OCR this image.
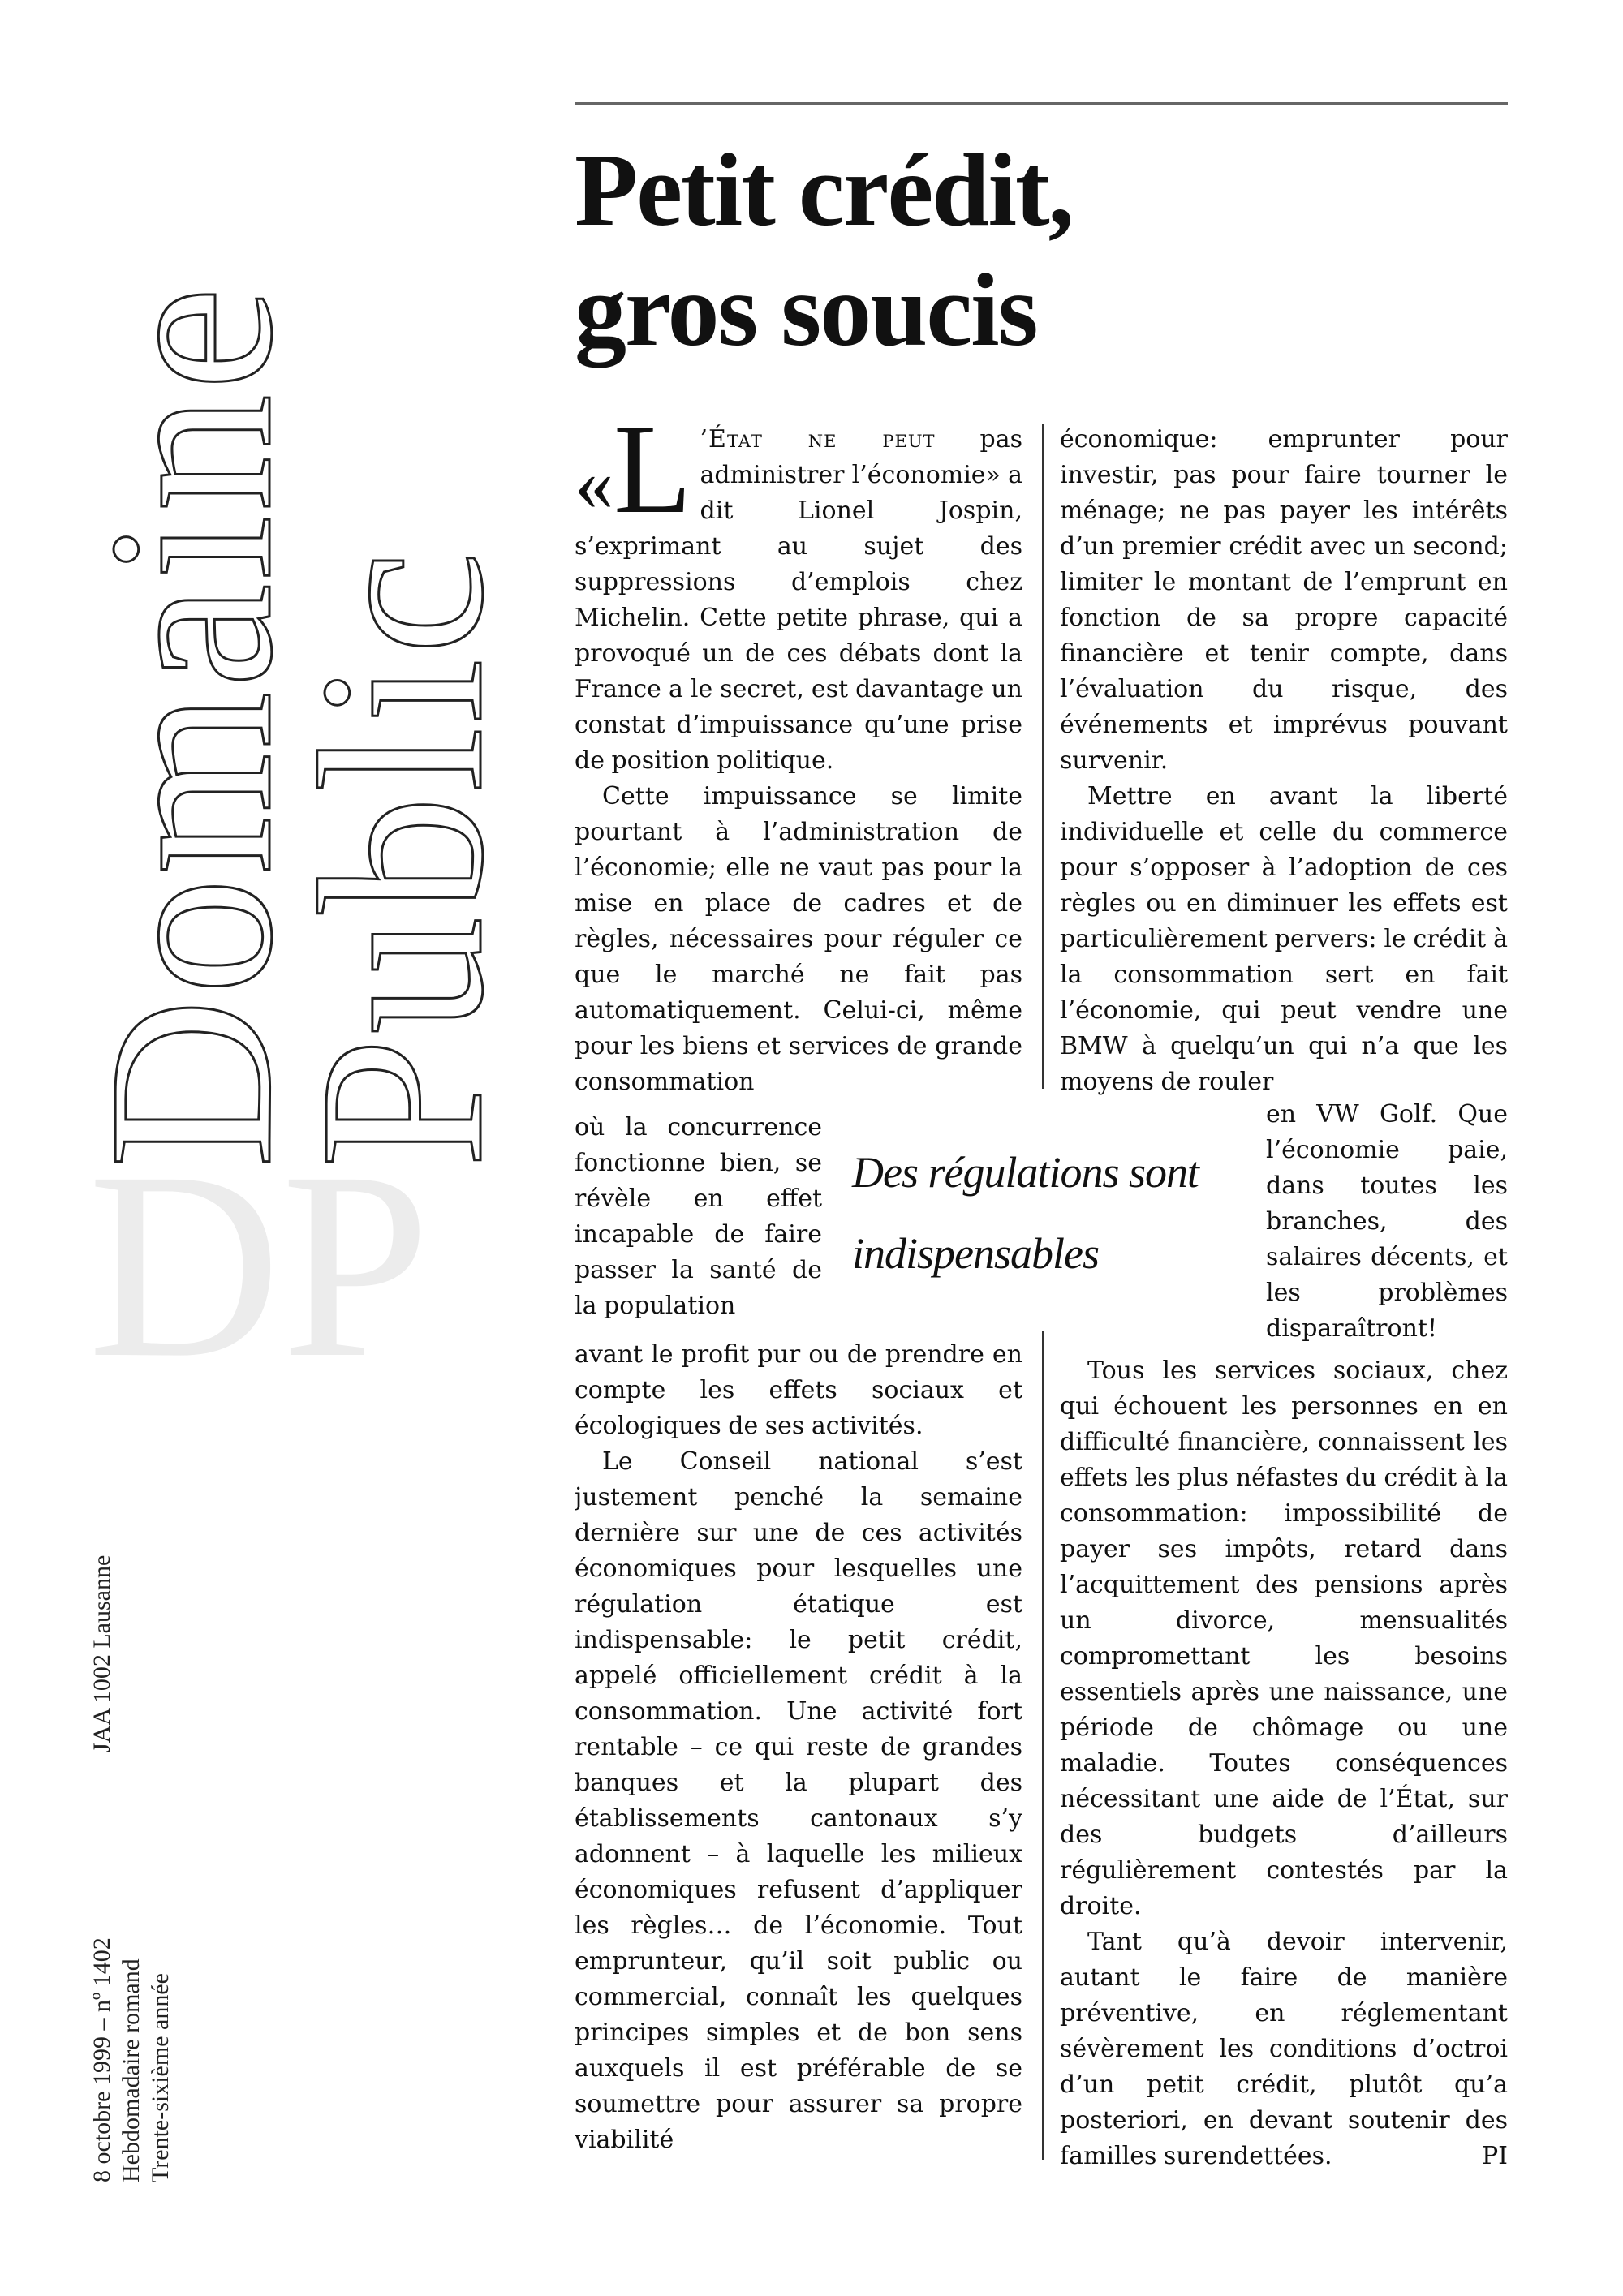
Domaine
Public
DP
JAA 1002 Lausanne
8 octobre 1999 – nº 1402 Hebdomadaire romand Trente-sixième année
Petit crédit,
gros soucis

«L ’État ne peut pas administrer l’économie» a dit Lionel Jospin, s’exprimant au sujet des suppressions d’emplois chez Michelin. Cette petite phrase, qui a provoqué un de ces débats dont la France a le secret, est davantage un constat d’impuissance qu’une prise de position politique.

Cette impuissance se limite pourtant à l’administration de l’économie; elle ne vaut pas pour la mise en place de cadres et de règles, nécessaires pour réguler ce que le marché ne fait pas automatiquement. Celui-ci, même pour les biens et services de grande consommation

où la concurrence fonctionne bien, se révèle en effet incapable de faire passer la santé de la population

Des régulations sont
indispensables

avant le profit pur ou de prendre en compte les effets sociaux et écologiques de ses activités.

Le Conseil national s’est justement penché la semaine dernière sur une de ces activités économiques pour lesquelles une régulation étatique est indispensable: le petit crédit, appelé officiellement crédit à la consommation. Une activité fort rentable – ce qui reste de grandes banques et la plupart des établissements cantonaux s’y adonnent – à laquelle les milieux économiques refusent d’appliquer les règles… de l’économie. Tout emprunteur, qu’il soit public ou commercial, connaît les quelques principes simples et de bon sens auxquels il est préférable de se soumettre pour assurer sa propre viabilité

économique: emprunter pour investir, pas pour faire tourner le ménage; ne pas payer les intérêts d’un premier crédit avec un second; limiter le montant de l’emprunt en fonction de sa propre capacité financière et tenir compte, dans l’évaluation du risque, des événements et imprévus pouvant survenir.

Mettre en avant la liberté individuelle et celle du commerce pour s’opposer à l’adoption de ces règles ou en diminuer les effets est particulièrement pervers: le crédit à la consommation sert en fait l’économie, qui peut vendre une BMW à quelqu’un qui n’a que les moyens de rouler

en VW Golf. Que l’économie paie, dans toutes les branches, des salaires décents, et les problèmes disparaîtront!

Tous les services sociaux, chez qui échouent les personnes en en difficulté financière, connaissent les effets les plus néfastes du crédit à la consommation: impossibilité de payer ses impôts, retard dans l’acquittement des pensions après un divorce, mensualités compromettant les besoins essentiels après une naissance, une période de chômage ou une maladie. Toutes conséquences nécessitant une aide de l’État, sur des budgets d’ailleurs régulièrement contestés par la droite.

Tant qu’à devoir intervenir, autant le faire de manière préventive, en réglementant sévèrement les conditions d’octroi d’un petit crédit, plutôt qu’a posteriori, en devant soutenir des familles surendettées.	PI
